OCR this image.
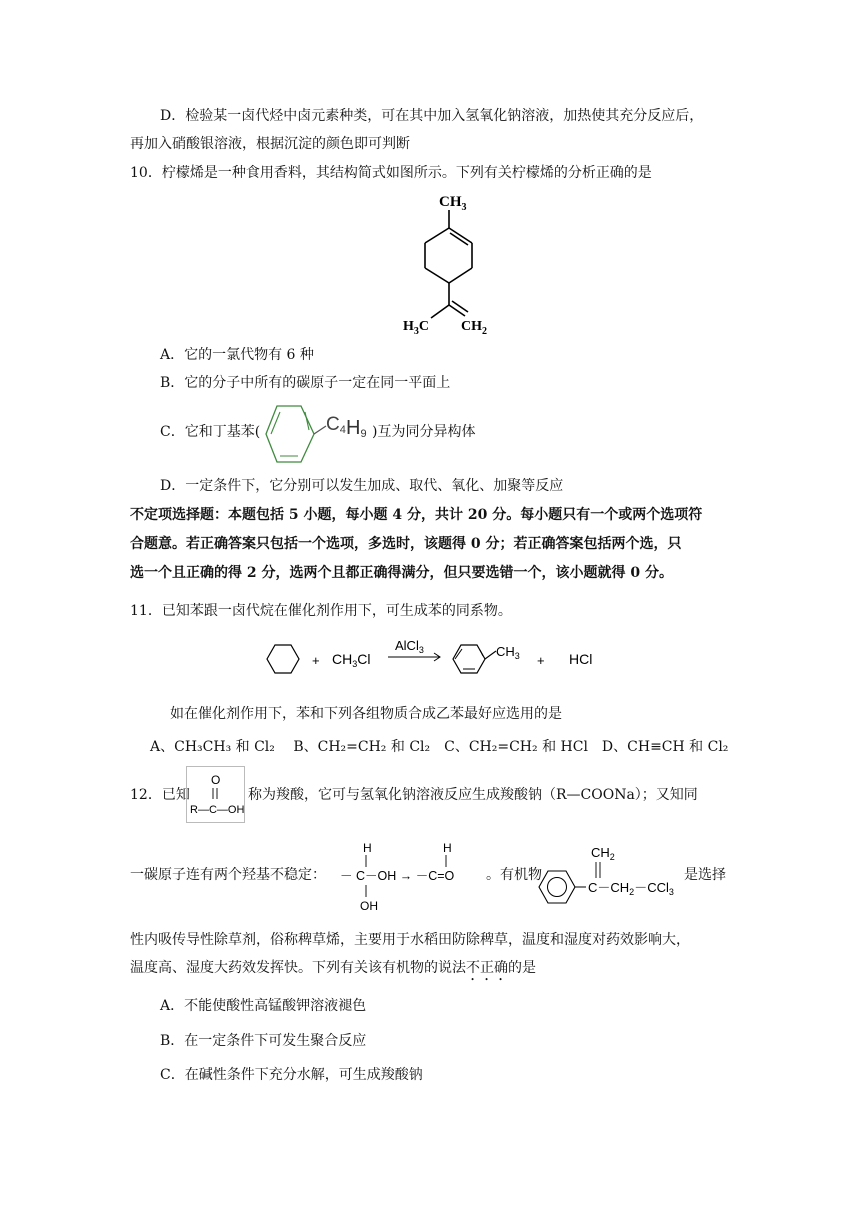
D．检验某一卤代烃中卤元素种类，可在其中加入氢氧化钠溶液，加热使其充分反应后，
再加入硝酸银溶液，根据沉淀的颜色即可判断
10．柠檬烯是一种食用香料，其结构简式如图所示。下列有关柠檬烯的分析正确的是
$CH_3$
$H_3C$ $CH_2$
A．它的一氯代物有 6 种
B．它的分子中所有的碳原子一定在同一平面上
C．它和丁基苯(	C4 H9 )互为同分异构体
D．一定条件下，它分别可以发生加成、取代、氧化、加聚等反应
不定项选择题：本题包括 5 小题，每小题 4 分，共计 20 分。每小题只有一个或两个选项符
合题意。若正确答案只包括一个选项，多选时，该题得 0 分；若正确答案包括两个选，只
选一个且正确的得 2 分，选两个且都正确得满分，但只要选错一个，该小题就得 0 分。
11．已知苯跟一卤代烷在催化剂作用下，可生成苯的同系物。
+ $CH_3Cl$
AlCl$_3$	$CH_3$ + HCl
如在催化剂作用下，苯和下列各组物质合成乙苯最好应选用的是
A、CH₃CH₃ 和 Cl₂　 B、CH₂=CH₂ 和 Cl₂　C、CH₂=CH₂ 和 HCl　D、CH≡CH 和 Cl₂
12．已知
O
R—C—OH
称为羧酸，它可与氢氧化钠溶液反应生成羧酸钠（R—COONa）；又知同
一碳原子连有两个羟基不稳定：
H
－ C－OH → －C=O
OH
H
。有机物
$CH_2$
$C-CH_2-CCl_3$
是选择
性内吸传导性除草剂，俗称稗草烯，主要用于水稻田防除稗草，温度和湿度对药效影响大，
温度高、湿度大药效发挥快。下列有关该有机物的说法不正确的是
A．不能使酸性高锰酸钾溶液褪色
B．在一定条件下可发生聚合反应
C．在碱性条件下充分水解，可生成羧酸钠
